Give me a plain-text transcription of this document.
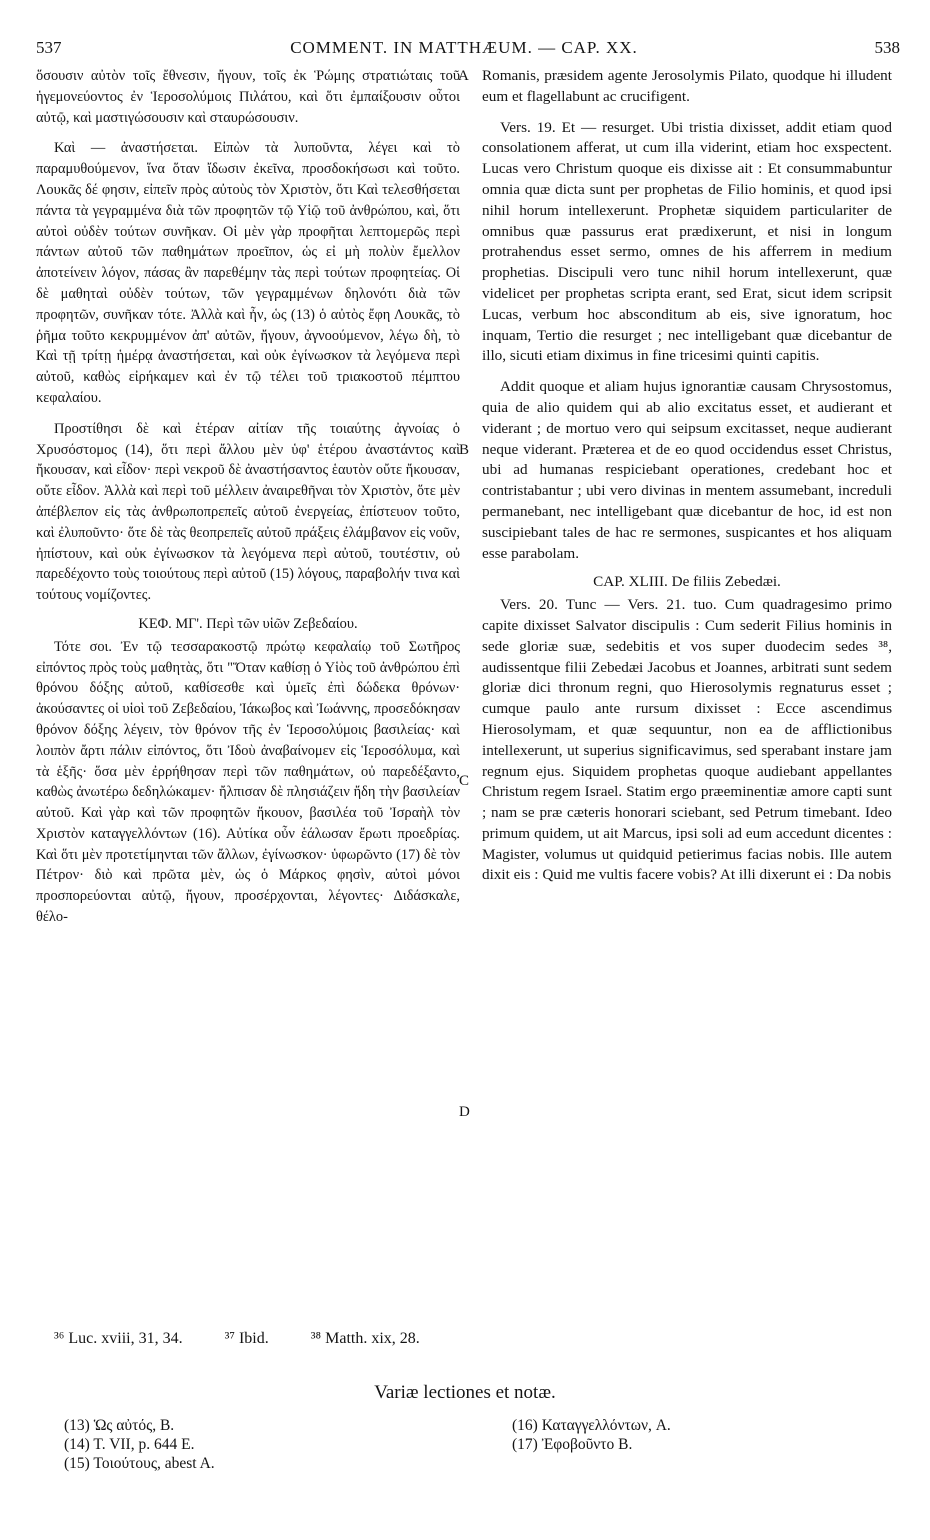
537	COMMENT. IN MATTHÆUM. — CAP. XX.	538
A
B
C
D

ὅσουσιν αὐτὸν τοῖς ἔθνεσιν, ἤγουν, τοῖς ἐκ Ῥώμης στρατιώταις τοῦ ἡγεμονεύοντος ἐν Ἱεροσολύμοις Πιλάτου, καὶ ὅτι ἐμπαίξουσιν οὗτοι αὐτῷ, καὶ μαστιγώσουσιν καὶ σταυρώσουσιν.

Καὶ — ἀναστήσεται. Εἰπὼν τὰ λυποῦντα, λέγει καὶ τὸ παραμυθούμενον, ἵνα ὅταν ἴδωσιν ἐκεῖνα, προσδοκήσωσι καὶ τοῦτο. Λουκᾶς δέ φησιν, εἰπεῖν πρὸς αὐτοὺς τὸν Χριστὸν, ὅτι Καὶ τελεσθήσεται πάντα τὰ γεγραμμένα διὰ τῶν προφητῶν τῷ Υἱῷ τοῦ ἀνθρώπου, καὶ, ὅτι αὐτοὶ οὐδὲν τούτων συνῆκαν. Οἱ μὲν γὰρ προφῆται λεπτομερῶς περὶ πάντων αὐτοῦ τῶν παθημάτων προεῖπον, ὡς εἰ μὴ πολὺν ἔμελλον ἀποτείνειν λόγον, πάσας ἂν παρεθέμην τὰς περὶ τούτων προφητείας. Οἱ δὲ μαθηταὶ οὐδὲν τούτων, τῶν γεγραμμένων δηλονότι διὰ τῶν προφητῶν, συνῆκαν τότε. Ἀλλὰ καὶ ἦν, ὡς (13) ὁ αὐτὸς ἔφη Λουκᾶς, τὸ ῥῆμα τοῦτο κεκρυμμένον ἀπ' αὐτῶν, ἤγουν, ἀγνοούμενον, λέγω δὴ, τὸ Καὶ τῇ τρίτῃ ἡμέρᾳ ἀναστήσεται, καὶ οὐκ ἐγίνωσκον τὰ λεγόμενα περὶ αὐτοῦ, καθὼς εἰρήκαμεν καὶ ἐν τῷ τέλει τοῦ τριακοστοῦ πέμπτου κεφαλαίου.

Προστίθησι δὲ καὶ ἑτέραν αἰτίαν τῆς τοιαύτης ἀγνοίας ὁ Χρυσόστομος (14), ὅτι περὶ ἄλλου μὲν ὑφ' ἑτέρου ἀναστάντος καὶ ἤκουσαν, καὶ εἶδον· περὶ νεκροῦ δὲ ἀναστήσαντος ἑαυτὸν οὔτε ἤκουσαν, οὔτε εἶδον. Ἀλλὰ καὶ περὶ τοῦ μέλλειν ἀναιρεθῆναι τὸν Χριστὸν, ὅτε μὲν ἀπέβλεπον εἰς τὰς ἀνθρωποπρεπεῖς αὐτοῦ ἐνεργείας, ἐπίστευον τοῦτο, καὶ ἐλυποῦντο· ὅτε δὲ τὰς θεοπρεπεῖς αὐτοῦ πράξεις ἐλάμβανον εἰς νοῦν, ἠπίστουν, καὶ οὐκ ἐγίνωσκον τὰ λεγόμενα περὶ αὐτοῦ, τουτέστιν, οὐ παρεδέχοντο τοὺς τοιούτους περὶ αὐτοῦ (15) λόγους, παραβολήν τινα καὶ τούτους νομίζοντες.

ΚΕΦ. ΜΓ'. Περὶ τῶν υἱῶν Ζεβεδαίου.

Τότε σοι. Ἐν τῷ τεσσαρακοστῷ πρώτῳ κεφαλαίῳ τοῦ Σωτῆρος εἰπόντος πρὸς τοὺς μαθητὰς, ὅτι "Ὅταν καθίσῃ ὁ Υἱὸς τοῦ ἀνθρώπου ἐπὶ θρόνου δόξης αὐτοῦ, καθίσεσθε καὶ ὑμεῖς ἐπὶ δώδεκα θρόνων· ἀκούσαντες οἱ υἱοὶ τοῦ Ζεβεδαίου, Ἰάκωβος καὶ Ἰωάννης, προσεδόκησαν θρόνον δόξης λέγειν, τὸν θρόνον τῆς ἐν Ἱεροσολύμοις βασιλείας· καὶ λοιπὸν ἄρτι πάλιν εἰπόντος, ὅτι Ἰδοὺ ἀναβαίνομεν εἰς Ἱεροσόλυμα, καὶ τὰ ἑξῆς· ὅσα μὲν ἐρρήθησαν περὶ τῶν παθημάτων, οὐ παρεδέξαντο, καθὼς ἀνωτέρω δεδηλώκαμεν· ἤλπισαν δὲ πλησιάζειν ἤδη τὴν βασιλείαν αὐτοῦ. Καὶ γὰρ καὶ τῶν προφητῶν ἤκουον, βασιλέα τοῦ Ἰσραὴλ τὸν Χριστὸν καταγγελλόντων (16). Αὐτίκα οὖν ἑάλωσαν ἔρωτι προεδρίας. Καὶ ὅτι μὲν προτετίμηνται τῶν ἄλλων, ἐγίνωσκον· ὑφωρῶντο (17) δὲ τὸν Πέτρον· διὸ καὶ πρῶτα μὲν, ὡς ὁ Μάρκος φησὶν, αὐτοὶ μόνοι προσπορεύονται αὐτῷ, ἤγουν, προσέρχονται, λέγοντες· Διδάσκαλε, θέλο-

Romanis, præsidem agente Jerosolymis Pilato, quodque hi illudent eum et flagellabunt ac crucifigent.

Vers. 19. Et — resurget. Ubi tristia dixisset, addit etiam quod consolationem afferat, ut cum illa viderint, etiam hoc exspectent. Lucas vero Christum quoque eis dixisse ait : Et consummabuntur omnia quæ dicta sunt per prophetas de Filio hominis, et quod ipsi nihil horum intellexerunt. Prophetæ siquidem particulariter de omnibus quæ passurus erat prædixerunt, et nisi in longum protrahendus esset sermo, omnes de his afferrem in medium prophetias. Discipuli vero tunc nihil horum intellexerunt, quæ videlicet per prophetas scripta erant, sed Erat, sicut idem scripsit Lucas, verbum hoc absconditum ab eis, sive ignoratum, hoc inquam, Tertio die resurget ; nec intelligebant quæ dicebantur de illo, sicuti etiam diximus in fine tricesimi quinti capitis.

Addit quoque et aliam hujus ignorantiæ causam Chrysostomus, quia de alio quidem qui ab alio excitatus esset, et audierant et viderant ; de mortuo vero qui seipsum excitasset, neque audierant neque viderant. Præterea et de eo quod occidendus esset Christus, ubi ad humanas respiciebant operationes, credebant hoc et contristabantur ; ubi vero divinas in mentem assumebant, increduli permanebant, nec intelligebant quæ dicebantur de hoc, id est non suscipiebant tales de hac re sermones, suspicantes et hos aliquam esse parabolam.

CAP. XLIII. De filiis Zebedæi.

Vers. 20. Tunc — Vers. 21. tuo. Cum quadragesimo primo capite dixisset Salvator discipulis : Cum sederit Filius hominis in sede gloriæ suæ, sedebitis et vos super duodecim sedes ³⁸, audissentque filii Zebedæi Jacobus et Joannes, arbitrati sunt sedem gloriæ dici thronum regni, quo Hierosolymis regnaturus esset ; cumque paulo ante rursum dixisset : Ecce ascendimus Hierosolymam, et quæ sequuntur, non ea de afflictionibus intellexerunt, ut superius significavimus, sed sperabant instare jam regnum ejus. Siquidem prophetas quoque audiebant appellantes Christum regem Israel. Statim ergo præeminentiæ amore capti sunt ; nam se præ cæteris honorari sciebant, sed Petrum timebant. Ideo primum quidem, ut ait Marcus, ipsi soli ad eum accedunt dicentes : Magister, volumus ut quidquid petierimus facias nobis. Ille autem dixit eis : Quid me vultis facere vobis? At illi dixerunt ei : Da nobis

³⁶ Luc. xviii, 31, 34.	³⁷ Ibid.	³⁸ Matth. xix, 28.
Variæ lectiones et notæ.
(13) Ὡς αὐτός, B.
(14) T. VII, p. 644 E.
(15) Τοιούτους, abest A.
(16) Καταγγελλόντων, A.
(17) Ἐφοβοῦντο B.
